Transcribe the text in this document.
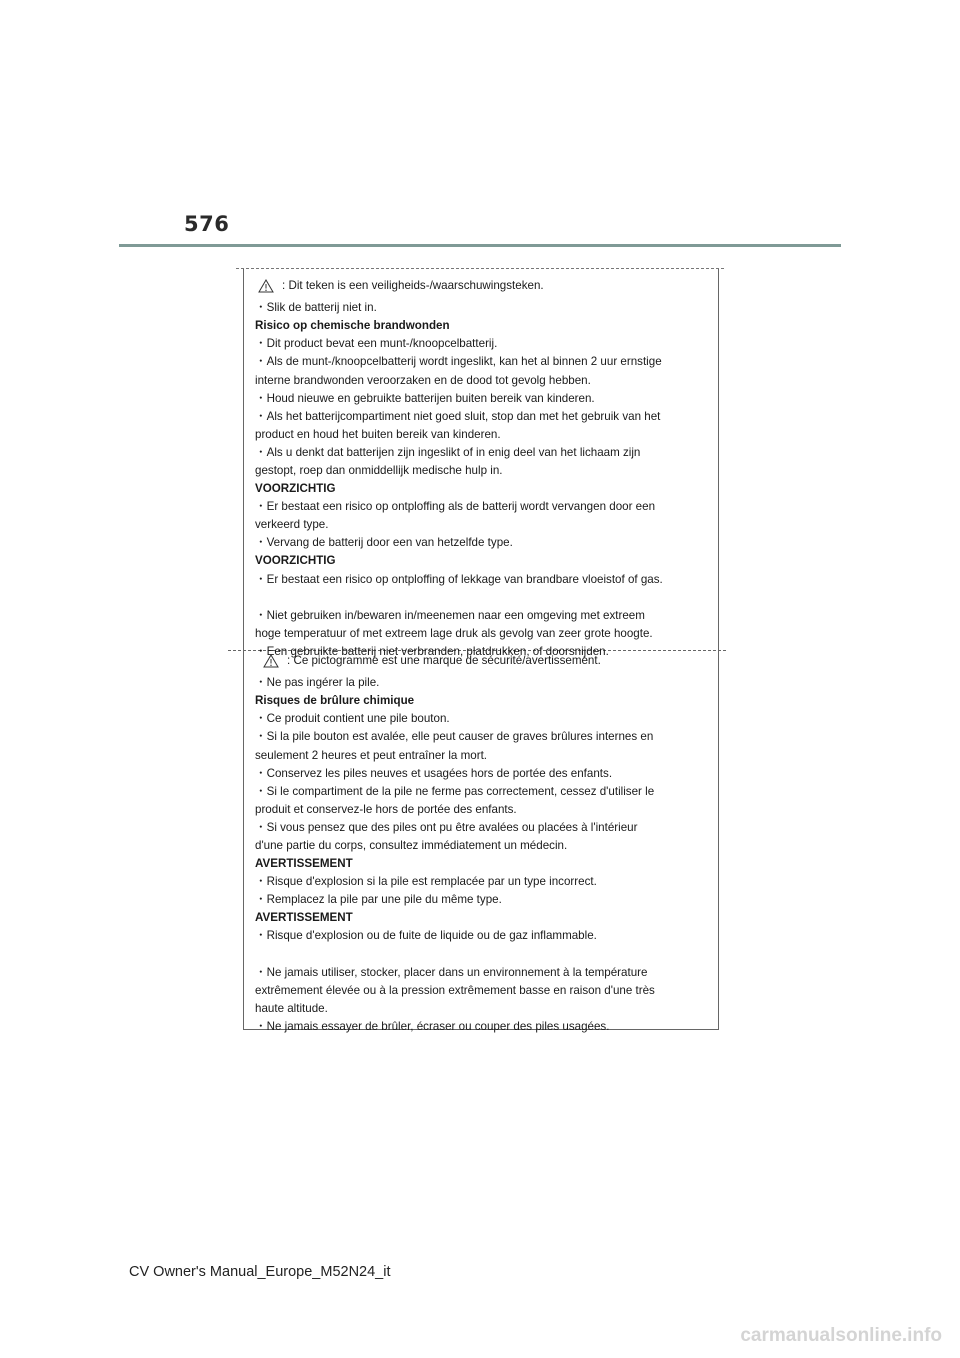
576
: Dit teken is een veiligheids-/waarschuwingsteken.
・Slik de batterij niet in.
Risico op chemische brandwonden
・Dit product bevat een munt-/knoopcelbatterij.
・Als de munt-/knoopcelbatterij wordt ingeslikt, kan het al binnen 2 uur ernstige
interne brandwonden veroorzaken en de dood tot gevolg hebben.
・Houd nieuwe en gebruikte batterijen buiten bereik van kinderen.
・Als het batterijcompartiment niet goed sluit, stop dan met het gebruik van het
product en houd het buiten bereik van kinderen.
・Als u denkt dat batterijen zijn ingeslikt of in enig deel van het lichaam zijn
gestopt, roep dan onmiddellijk medische hulp in.
VOORZICHTIG
・Er bestaat een risico op ontploffing als de batterij wordt vervangen door een
verkeerd type.
・Vervang de batterij door een van hetzelfde type.
VOORZICHTIG
・Er bestaat een risico op ontploffing of lekkage van brandbare vloeistof of gas.
・Niet gebruiken in/bewaren in/meenemen naar een omgeving met extreem
hoge temperatuur of met extreem lage druk als gevolg van zeer grote hoogte.
・Een gebruikte batterij niet verbranden, platdrukken, of doorsnijden.
: Ce pictogramme est une marque de sécurité/avertissement.
・Ne pas ingérer la pile.
Risques de brûlure chimique
・Ce produit contient une pile bouton.
・Si la pile bouton est avalée, elle peut causer de graves brûlures internes en
seulement 2 heures et peut entraîner la mort.
・Conservez les piles neuves et usagées hors de portée des enfants.
・Si le compartiment de la pile ne ferme pas correctement, cessez d'utiliser le
produit et conservez-le hors de portée des enfants.
・Si vous pensez que des piles ont pu être avalées ou placées à l'intérieur
d'une partie du corps, consultez immédiatement un médecin.
AVERTISSEMENT
・Risque d'explosion si la pile est remplacée par un type incorrect.
・Remplacez la pile par une pile du même type.
AVERTISSEMENT
・Risque d'explosion ou de fuite de liquide ou de gaz inflammable.
・Ne jamais utiliser, stocker, placer dans un environnement à la température
extrêmement élevée ou à la pression extrêmement basse en raison d'une très
haute altitude.
・Ne jamais essayer de brûler, écraser ou couper des piles usagées.
CV Owner's Manual_Europe_M52N24_it
carmanualsonline.info
